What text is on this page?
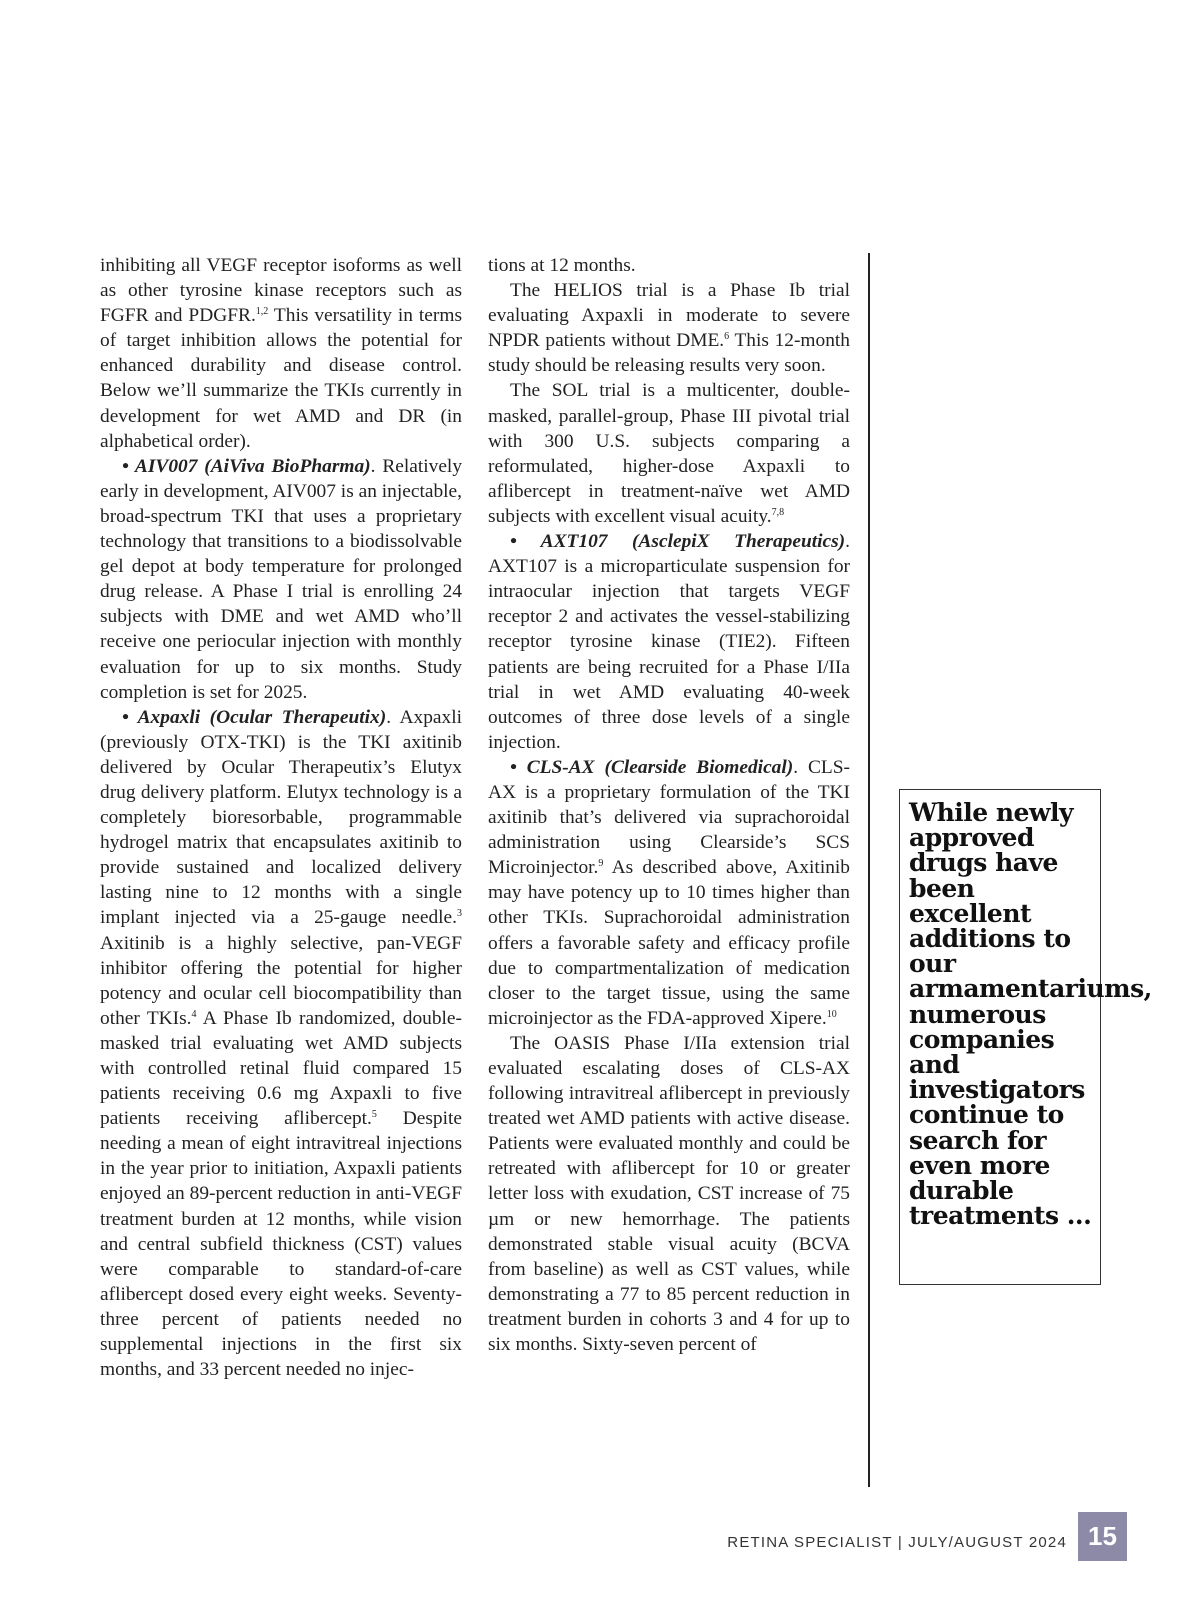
inhibiting all VEGF receptor isoforms as well as other tyrosine kinase receptors such as FGFR and PDGFR.$^{1,2}$ This versatility in terms of target inhibition allows the potential for enhanced durability and disease control. Below we’ll summarize the TKIs currently in development for wet AMD and DR (in alphabetical order).

• AIV007 (AiViva BioPharma). Relatively early in development, AIV007 is an injectable, broad-spectrum TKI that uses a proprietary technology that transitions to a biodissolvable gel depot at body temperature for prolonged drug release. A Phase I trial is enrolling 24 subjects with DME and wet AMD who’ll receive one periocular injection with monthly evaluation for up to six months. Study completion is set for 2025.

• Axpaxli (Ocular Therapeutix). Axpaxli (previously OTX-TKI) is the TKI axitinib delivered by Ocular Therapeutix’s Elutyx drug delivery platform. Elutyx technology is a completely bioresorbable, programmable hydrogel matrix that encapsulates axitinib to provide sustained and localized delivery lasting nine to 12 months with a single implant injected via a 25-gauge needle.$^3$ Axitinib is a highly selective, pan-VEGF inhibitor offering the potential for higher potency and ocular cell biocompatibility than other TKIs.$^4$ A Phase Ib randomized, double-masked trial evaluating wet AMD subjects with controlled retinal fluid compared 15 patients receiving 0.6 mg Axpaxli to five patients receiving aflibercept.$^5$ Despite needing a mean of eight intravitreal injections in the year prior to initiation, Axpaxli patients enjoyed an 89-percent reduction in anti-VEGF treatment burden at 12 months, while vision and central subfield thickness (CST) values were comparable to standard-of-care aflibercept dosed every eight weeks. Seventy-three percent of patients needed no supplemental injections in the first six months, and 33 percent needed no injec-

tions at 12 months.

The HELIOS trial is a Phase Ib trial evaluating Axpaxli in moderate to severe NPDR patients without DME.$^6$ This 12-month study should be releasing results very soon.

The SOL trial is a multicenter, double-masked, parallel-group, Phase III pivotal trial with 300 U.S. subjects comparing a reformulated, higher-dose Axpaxli to aflibercept in treatment-naïve wet AMD subjects with excellent visual acuity.$^{7,8}$

• AXT107 (AsclepiX Therapeutics). AXT107 is a microparticulate suspension for intraocular injection that targets VEGF receptor 2 and activates the vessel-stabilizing receptor tyrosine kinase (TIE2). Fifteen patients are being recruited for a Phase I/IIa trial in wet AMD evaluating 40-week outcomes of three dose levels of a single injection.

• CLS-AX (Clearside Biomedical). CLS-AX is a proprietary formulation of the TKI axitinib that’s delivered via suprachoroidal administration using Clearside’s SCS Microinjector.$^9$ As described above, Axitinib may have potency up to 10 times higher than other TKIs. Suprachoroidal administration offers a favorable safety and efficacy profile due to compartmentalization of medication closer to the target tissue, using the same microinjector as the FDA-approved Xipere.$^{10}$

The OASIS Phase I/IIa extension trial evaluated escalating doses of CLS-AX following intravitreal aflibercept in previously treated wet AMD patients with active disease. Patients were evaluated monthly and could be retreated with aflibercept for 10 or greater letter loss with exudation, CST increase of 75 µm or new hemorrhage. The patients demonstrated stable visual acuity (BCVA from baseline) as well as CST values, while demonstrating a 77 to 85 percent reduction in treatment burden in cohorts 3 and 4 for up to six months. Sixty-seven percent of

While newly approved drugs have been excellent additions to our armamentariums, numerous companies and investigators continue to search for even more durable treatments ...
RETINA SPECIALIST | JULY/AUGUST 2024 15
